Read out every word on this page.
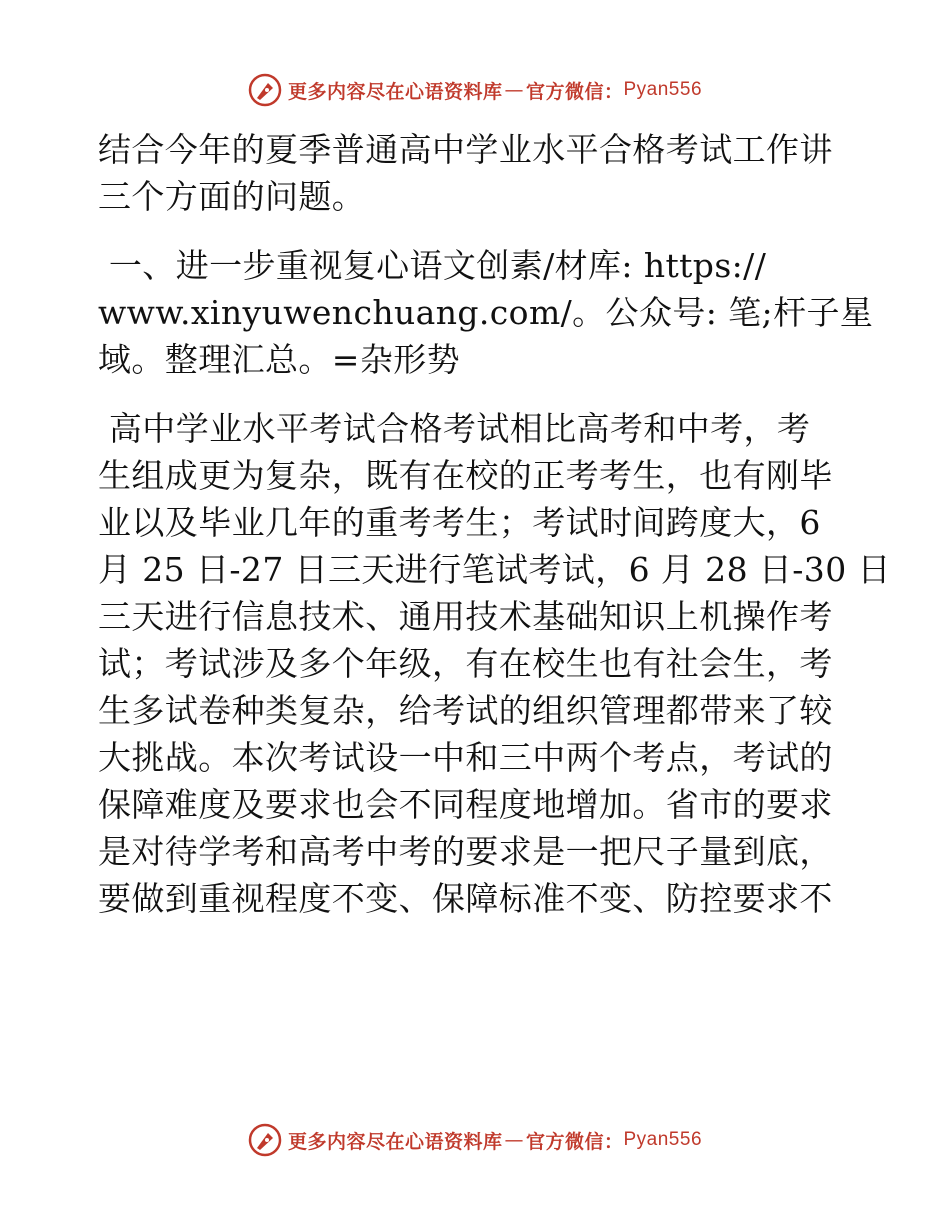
更多内容尽在心语资料库 — 官方微信： Pyan556
结合今年的夏季普通高中学业水平合格考试工作讲
三个方面的问题。
一、进一步重视复心语文创素/材库: https://
www.xinyuwenchuang.com/。公众号: 笔;杆子星
域。整理汇总。=杂形势
高中学业水平考试合格考试相比高考和中考，考
生组成更为复杂，既有在校的正考考生，也有刚毕
业以及毕业几年的重考考生；考试时间跨度大，6
月 25 日-27 日三天进行笔试考试，6 月 28 日-30 日
三天进行信息技术、通用技术基础知识上机操作考
试；考试涉及多个年级，有在校生也有社会生，考
生多试卷种类复杂，给考试的组织管理都带来了较
大挑战。本次考试设一中和三中两个考点，考试的
保障难度及要求也会不同程度地增加。省市的要求
是对待学考和高考中考的要求是一把尺子量到底，
要做到重视程度不变、保障标准不变、防控要求不
更多内容尽在心语资料库 — 官方微信： Pyan556
